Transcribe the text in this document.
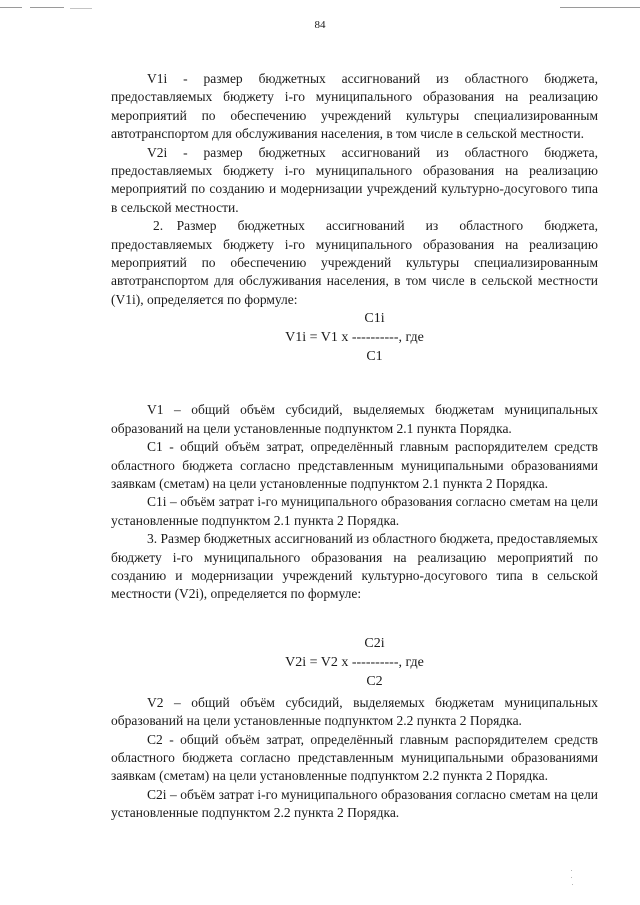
84

V1i - размер бюджетных ассигнований из областного бюджета, предоставляемых бюджету i-го муниципального образования на реализацию мероприятий по обеспечению учреждений культуры специализированным автотранспортом для обслуживания населения, в том числе в сельской местности.

V2i - размер бюджетных ассигнований из областного бюджета, предоставляемых бюджету i-го муниципального образования на реализацию мероприятий по созданию и модернизации учреждений культурно-досугового типа в сельской местности.

2. Размер бюджетных ассигнований из областного бюджета, предоставляемых бюджету i-го муниципального образования на реализацию мероприятий по обеспечению учреждений культуры специализированным автотранспортом для обслуживания населения, в том числе в сельской местности (V1i), определяется по формуле:

C1i
V1i = V1 х ----------, где
C1

V1 – общий объём субсидий, выделяемых бюджетам муниципальных образований на цели установленные подпунктом 2.1 пункта Порядка.

C1 - общий объём затрат, определённый главным распорядителем средств областного бюджета согласно представленным муниципальными образованиями заявкам (сметам) на цели установленные подпунктом 2.1 пункта 2 Порядка.

C1i – объём затрат i-го муниципального образования согласно сметам на цели установленные подпунктом 2.1 пункта 2 Порядка.

3. Размер бюджетных ассигнований из областного бюджета, предоставляемых бюджету i-го муниципального образования на реализацию мероприятий по созданию и модернизации учреждений культурно-досугового типа в сельской местности (V2i), определяется по формуле:

C2i
V2i = V2 х ----------, где
C2

V2 – общий объём субсидий, выделяемых бюджетам муниципальных образований на цели установленные подпунктом 2.2 пункта 2 Порядка.

C2 - общий объём затрат, определённый главным распорядителем средств областного бюджета согласно представленным муниципальными образованиями заявкам (сметам) на цели установленные подпунктом 2.2 пункта 2 Порядка.

C2i – объём затрат i-го муниципального образования согласно сметам на цели установленные подпунктом 2.2 пункта 2 Порядка.
